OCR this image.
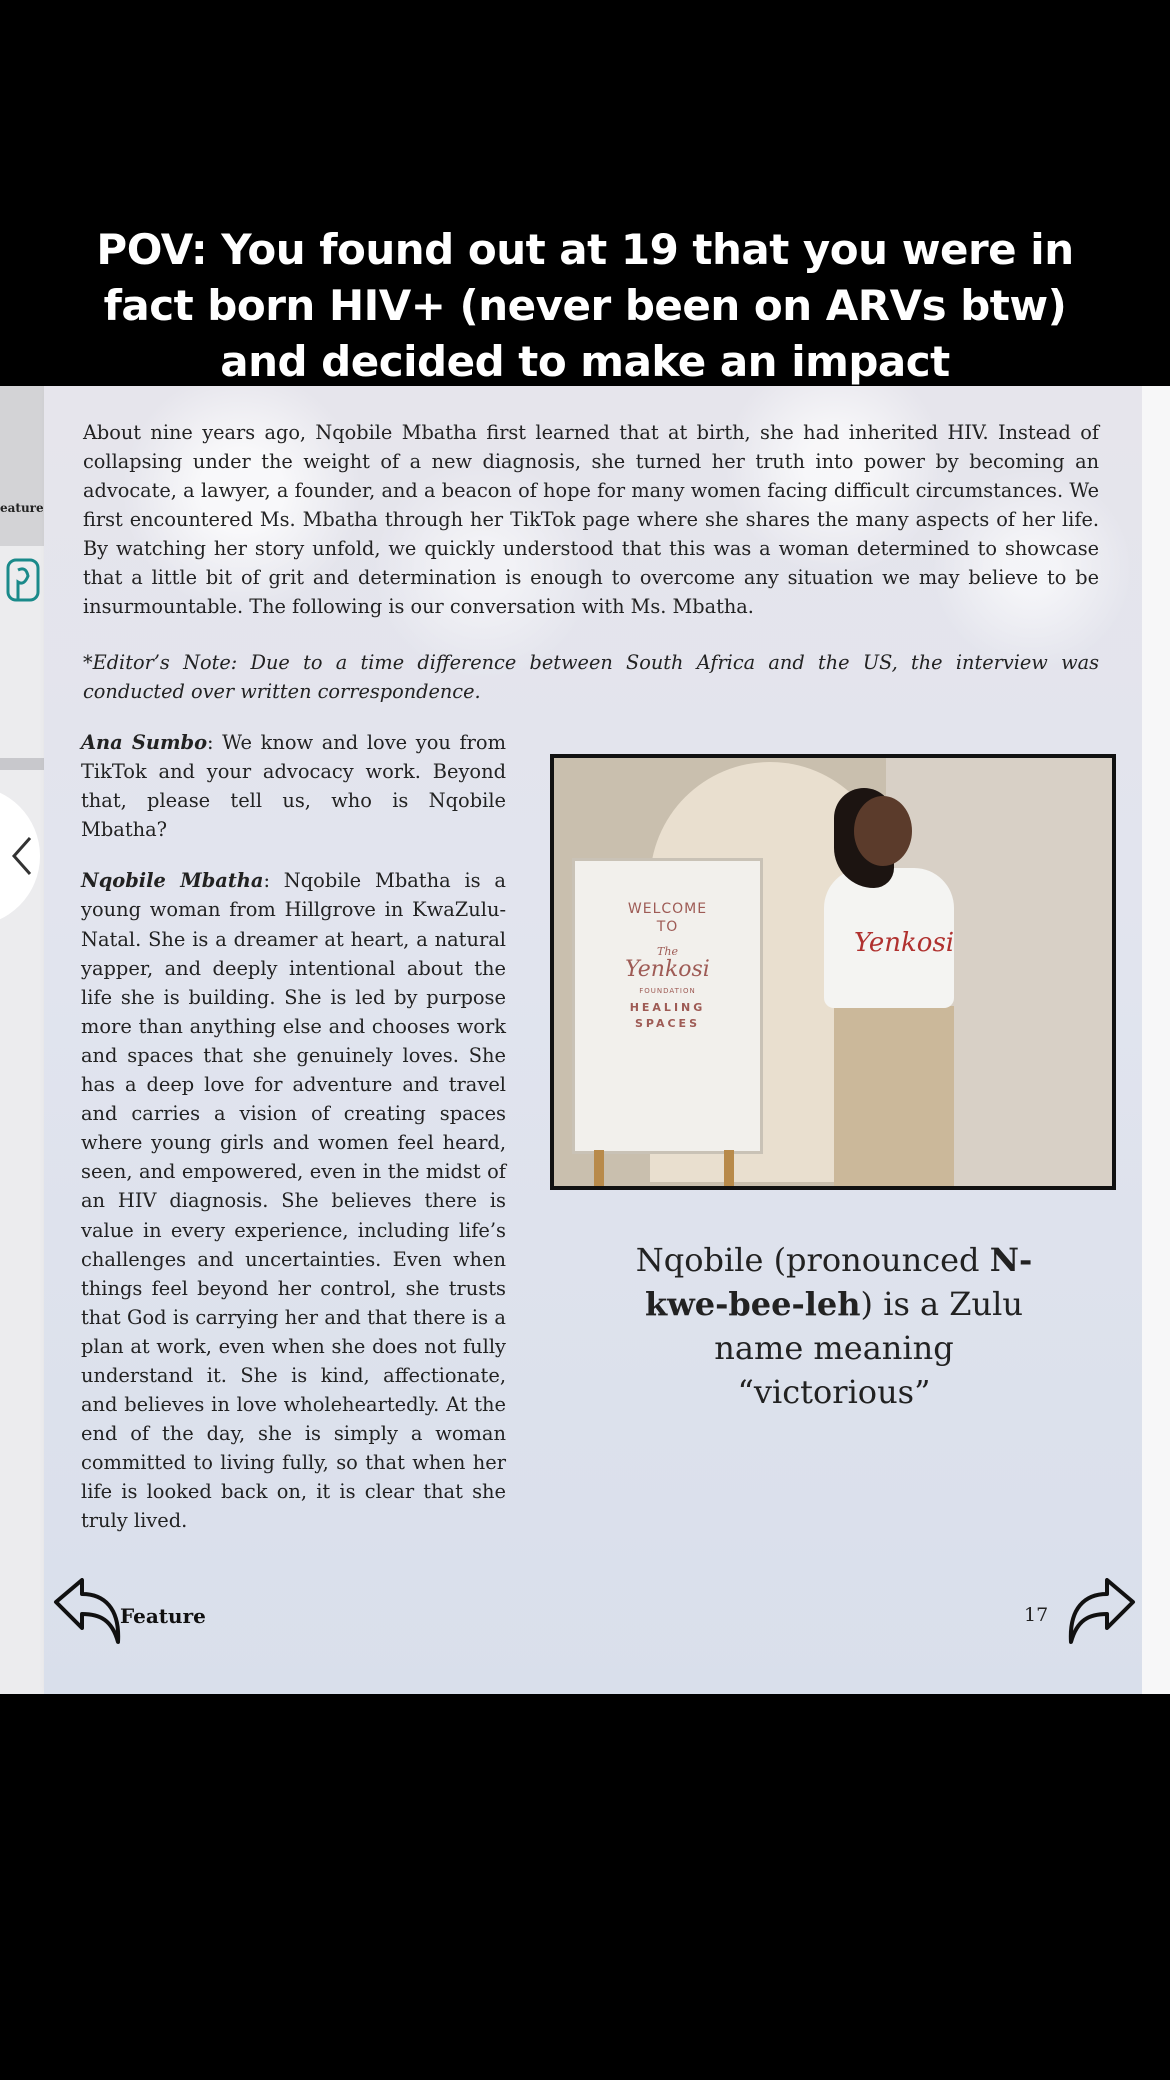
POV: You found out at 19 that you were in
fact born HIV+ (never been on ARVs btw)
and decided to make an impact
eature
About nine years ago, Nqobile Mbatha first learned that at birth, she had inherited HIV. Instead of collapsing under the weight of a new diagnosis, she turned her truth into power by becoming an advocate, a lawyer, a founder, and a beacon of hope for many women facing difficult circumstances. We first encountered Ms. Mbatha through her TikTok page where she shares the many aspects of her life. By watching her story unfold, we quickly understood that this was a woman determined to showcase that a little bit of grit and determination is enough to overcome any situation we may believe to be insurmountable. The following is our conversation with Ms. Mbatha.
*Editor’s Note: Due to a time difference between South Africa and the US, the interview was conducted over written correspondence.

Ana Sumbo: We know and love you from TikTok and your advocacy work. Beyond that, please tell us, who is Nqobile Mbatha?

Nqobile Mbatha: Nqobile Mbatha is a young woman from Hillgrove in KwaZulu-Natal. She is a dreamer at heart, a natural yapper, and deeply intentional about the life she is building. She is led by purpose more than anything else and chooses work and spaces that she genuinely loves. She has a deep love for adventure and travel and carries a vision of creating spaces where young girls and women feel heard, seen, and empowered, even in the midst of an HIV diagnosis. She believes there is value in every experience, including life’s challenges and uncertainties. Even when things feel beyond her control, she trusts that God is carrying her and that there is a plan at work, even when she does not fully understand it. She is kind, affectionate, and believes in love wholeheartedly. At the end of the day, she is simply a woman committed to living fully, so that when her life is looked back on, it is clear that she truly lived.

WELCOME
TO
The
Yenkosi
FOUNDATION
HEALING
SPACES
Yenkosi
Nqobile (pronounced N-kwe-bee-leh) is a Zulu name meaning “victorious”
Feature	17
